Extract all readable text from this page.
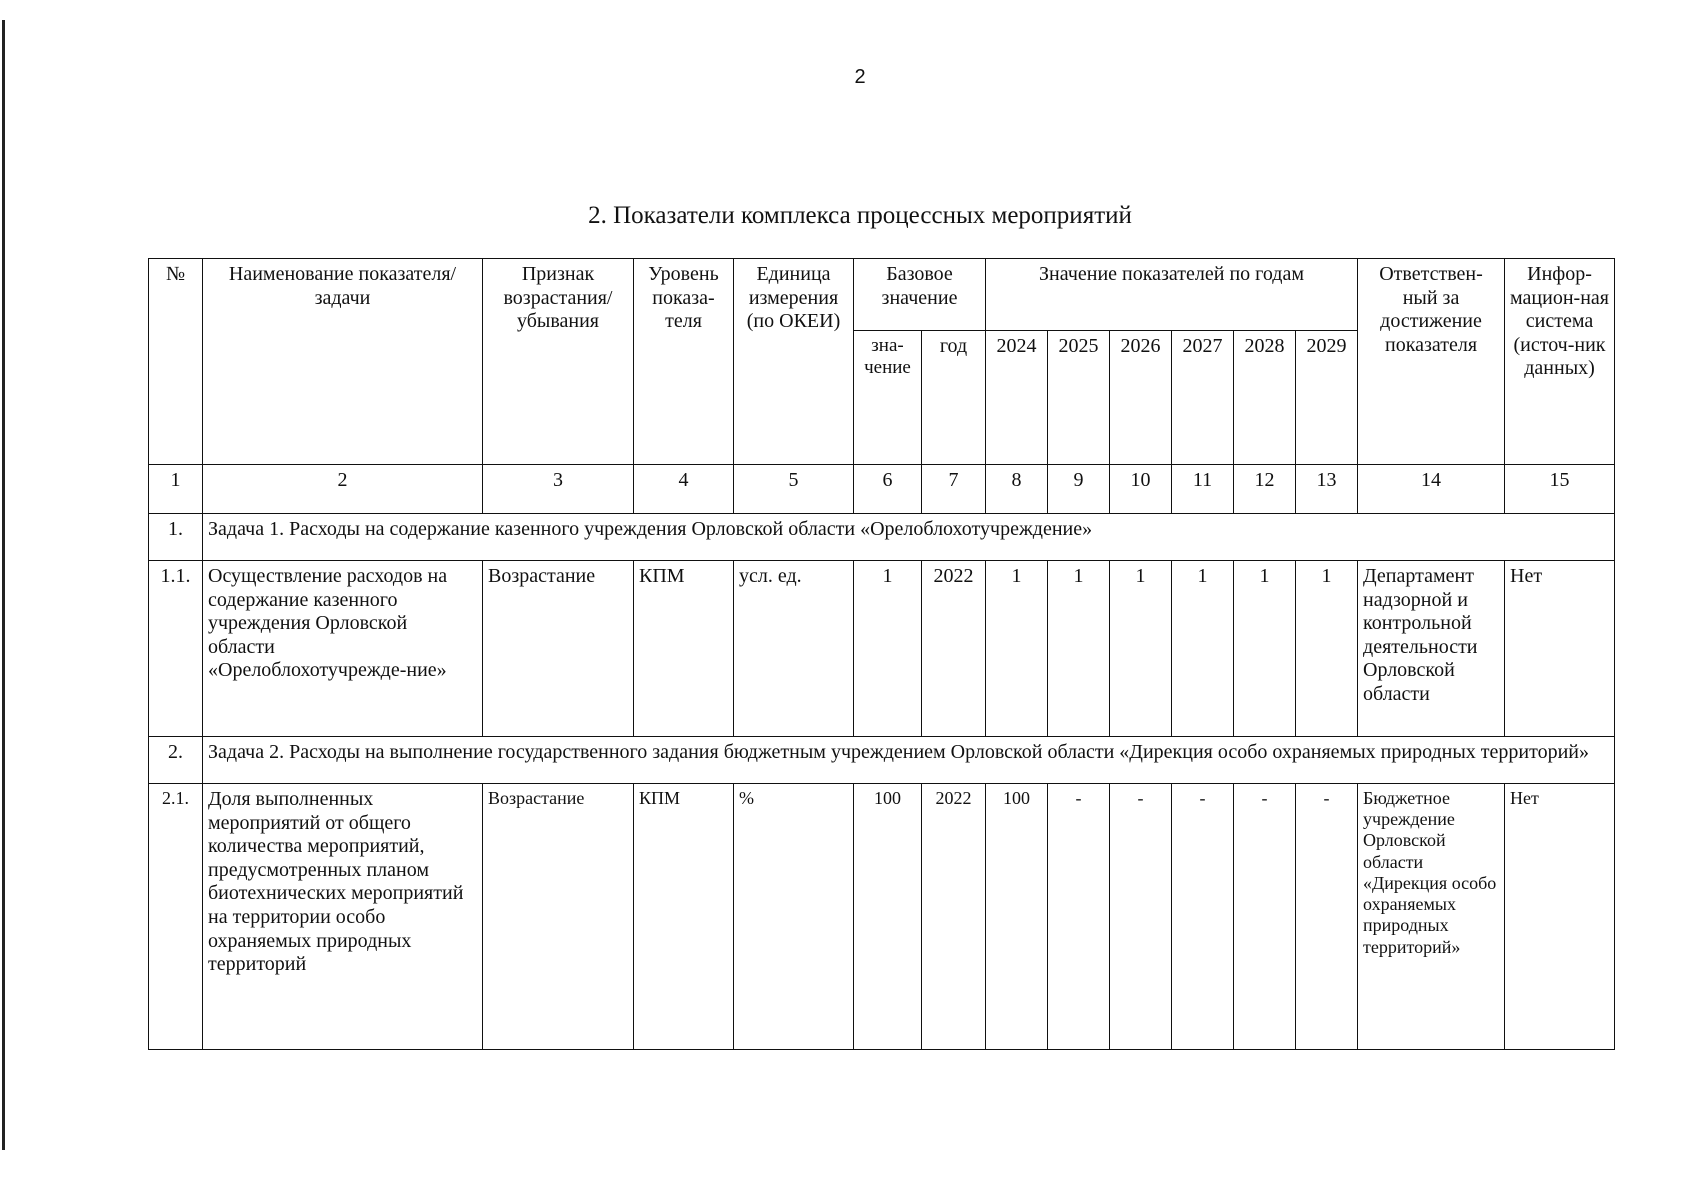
2
2. Показатели комплекса процессных мероприятий
№	Наименование показателя/задачи	Признак возрастания/ убывания	Уровень показа-теля	Единица измерения (по ОКЕИ)	Базовое значение		Значение показателей по годам						Ответствен-ный за достижение показателя	Инфор-мацион-ная система (источ-ник данных)
					зна-чение	год	2024	2025	2026	2027	2028	2029		
1	2	3	4	5	6	7	8	9	10	11	12	13	14	15
1.	Задача 1. Расходы на содержание казенного учреждения Орловской области «Орелоблохотучреждение»													
1.1.	Осуществление расходов на содержание казенного учреждения Орловской области «Орелоблохотучрежде-ние»	Возрастание	КПМ	усл. ед.	1	2022	1	1	1	1	1	1	Департамент надзорной и контрольной деятельности Орловской области	Нет
2.	Задача 2. Расходы на выполнение государственного задания бюджетным учреждением Орловской области «Дирекция особо охраняемых природных территорий»													
2.1.	Доля выполненных мероприятий от общего количества мероприятий, предусмотренных планом биотехнических мероприятий на территории особо охраняемых природных территорий	Возрастание	КПМ	%	100	2022	100	-	-	-	-	-	Бюджетное учреждение Орловской области «Дирекция особо охраняемых природных территорий»	Нет
